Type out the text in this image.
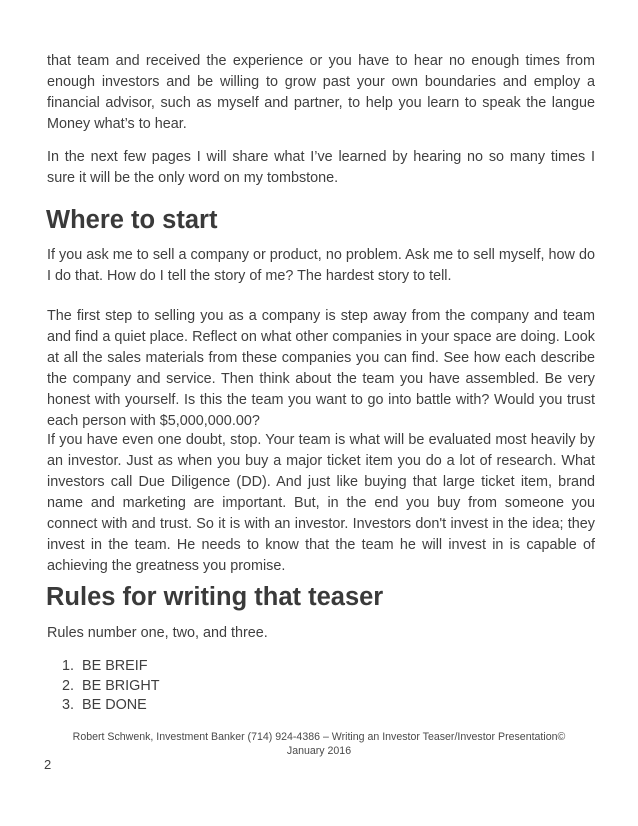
that team and received the experience or you have to hear no enough times from enough investors and be willing to grow past your own boundaries and employ a financial advisor, such as myself and partner, to help you learn to speak the langue Money what’s to hear.

In the next few pages I will share what I’ve learned by hearing no so many times I sure it will be the only word on my tombstone.

Where to start

If you ask me to sell a company or product, no problem. Ask me to sell myself, how do I do that. How do I tell the story of me? The hardest story to tell.

The first step to selling you as a company is step away from the company and team and find a quiet place. Reflect on what other companies in your space are doing. Look at all the sales materials from these companies you can find. See how each describe the company and service. Then think about the team you have assembled. Be very honest with yourself. Is this the team you want to go into battle with? Would you trust each person with $5,000,000.00?

If you have even one doubt, stop. Your team is what will be evaluated most heavily by an investor. Just as when you buy a major ticket item you do a lot of research. What investors call Due Diligence (DD). And just like buying that large ticket item, brand name and marketing are important. But, in the end you buy from someone you connect with and trust. So it is with an investor. Investors don't invest in the idea; they invest in the team. He needs to know that the team he will invest in is capable of achieving the greatness you promise.

Rules for writing that teaser

Rules number one, two, and three.

1. BE BREIF
2. BE BRIGHT
3. BE DONE
Robert Schwenk, Investment Banker (714) 924-4386 – Writing an Investor Teaser/Investor Presentation©
January 2016
2
